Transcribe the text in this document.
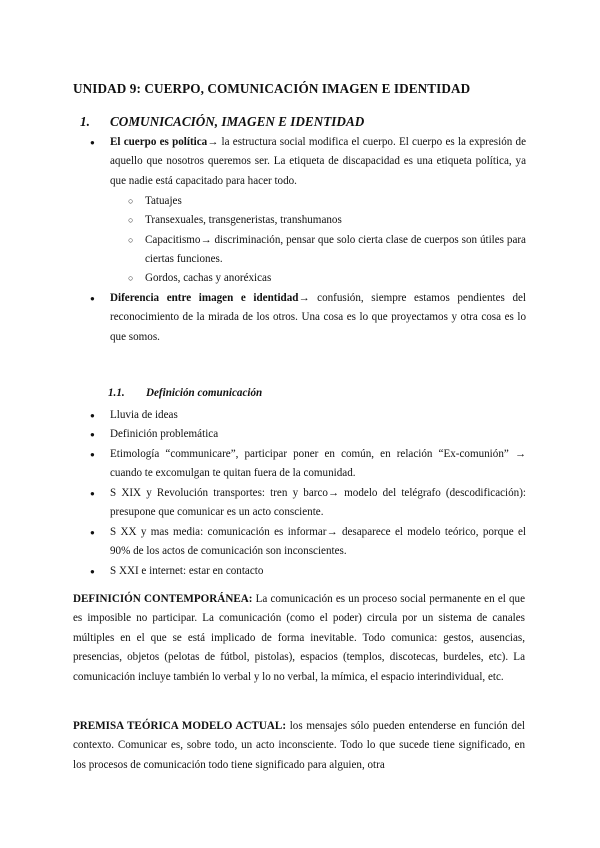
UNIDAD 9: CUERPO, COMUNICACIÓN IMAGEN E IDENTIDAD
1. COMUNICACIÓN, IMAGEN E IDENTIDAD
● El cuerpo es política→ la estructura social modifica el cuerpo. El cuerpo es la expresión de aquello que nosotros queremos ser. La etiqueta de discapacidad es una etiqueta política, ya que nadie está capacitado para hacer todo.
○ Tatuajes
○ Transexuales, transgeneristas, transhumanos
○ Capacitismo→ discriminación, pensar que solo cierta clase de cuerpos son útiles para ciertas funciones.
○ Gordos, cachas y anoréxicas
● Diferencia entre imagen e identidad→ confusión, siempre estamos pendientes del reconocimiento de la mirada de los otros. Una cosa es lo que proyectamos y otra cosa es lo que somos.
1.1. Definición comunicación
● Lluvia de ideas
● Definición problemática
● Etimología “communicare”, participar poner en común, en relación “Ex-comunión” → cuando te excomulgan te quitan fuera de la comunidad.
● S XIX y Revolución transportes: tren y barco→ modelo del telégrafo (descodificación): presupone que comunicar es un acto consciente.
● S XX y mas media: comunicación es informar→ desaparece el modelo teórico, porque el 90% de los actos de comunicación son inconscientes.
● S XXI e internet: estar en contacto
DEFINICIÓN CONTEMPORÁNEA: La comunicación es un proceso social permanente en el que es imposible no participar. La comunicación (como el poder) circula por un sistema de canales múltiples en el que se está implicado de forma inevitable. Todo comunica: gestos, ausencias, presencias, objetos (pelotas de fútbol, pistolas), espacios (templos, discotecas, burdeles, etc). La comunicación incluye también lo verbal y lo no verbal, la mímica, el espacio interindividual, etc.
PREMISA TEÓRICA MODELO ACTUAL: los mensajes sólo pueden entenderse en función del contexto. Comunicar es, sobre todo, un acto inconsciente. Todo lo que sucede tiene significado, en los procesos de comunicación todo tiene significado para alguien, otra
